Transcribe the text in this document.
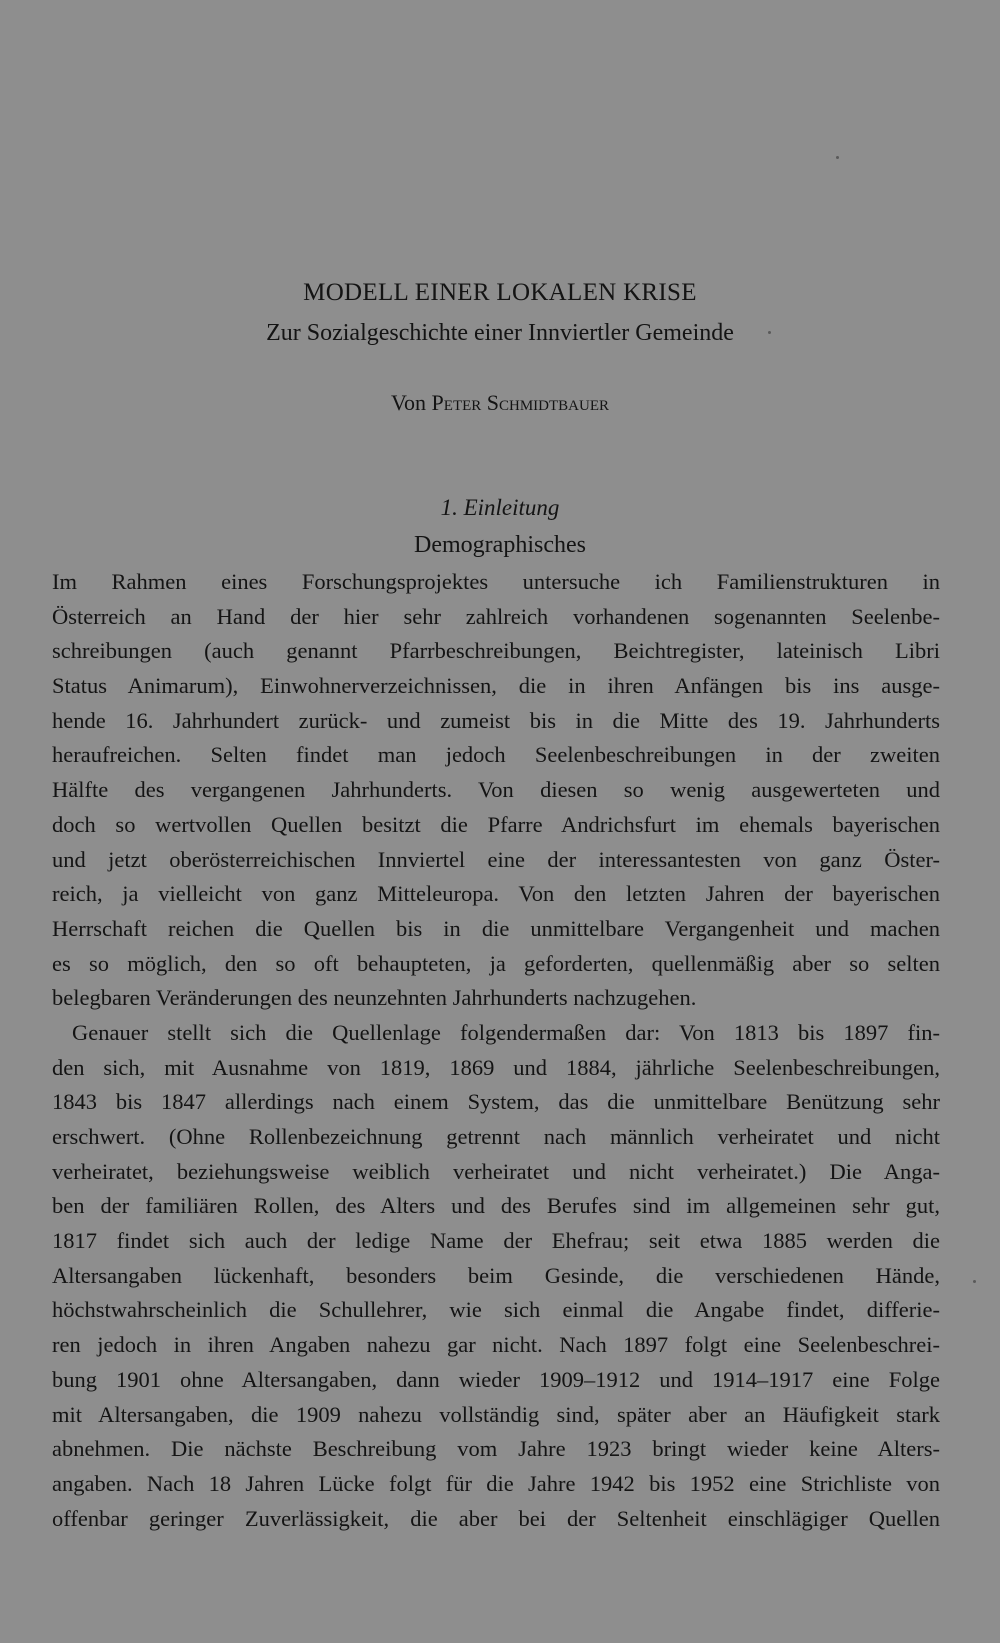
MODELL EINER LOKALEN KRISE
Zur Sozialgeschichte einer Innviertler Gemeinde
Von Peter Schmidtbauer
1. Einleitung
Demographisches
Im Rahmen eines Forschungsprojektes untersuche ich Familienstrukturen in
Österreich an Hand der hier sehr zahlreich vorhandenen sogenannten Seelenbe-
schreibungen (auch genannt Pfarrbeschreibungen, Beichtregister, lateinisch Libri
Status Animarum), Einwohnerverzeichnissen, die in ihren Anfängen bis ins ausge-
hende 16. Jahrhundert zurück- und zumeist bis in die Mitte des 19. Jahrhunderts
heraufreichen. Selten findet man jedoch Seelenbeschreibungen in der zweiten
Hälfte des vergangenen Jahrhunderts. Von diesen so wenig ausgewerteten und
doch so wertvollen Quellen besitzt die Pfarre Andrichsfurt im ehemals bayerischen
und jetzt oberösterreichischen Innviertel eine der interessantesten von ganz Öster-
reich, ja vielleicht von ganz Mitteleuropa. Von den letzten Jahren der bayerischen
Herrschaft reichen die Quellen bis in die unmittelbare Vergangenheit und machen
es so möglich, den so oft behaupteten, ja geforderten, quellenmäßig aber so selten
belegbaren Veränderungen des neunzehnten Jahrhunderts nachzugehen.
Genauer stellt sich die Quellenlage folgendermaßen dar: Von 1813 bis 1897 fin-
den sich, mit Ausnahme von 1819, 1869 und 1884, jährliche Seelenbeschreibungen,
1843 bis 1847 allerdings nach einem System, das die unmittelbare Benützung sehr
erschwert. (Ohne Rollenbezeichnung getrennt nach männlich verheiratet und nicht
verheiratet, beziehungsweise weiblich verheiratet und nicht verheiratet.) Die Anga-
ben der familiären Rollen, des Alters und des Berufes sind im allgemeinen sehr gut,
1817 findet sich auch der ledige Name der Ehefrau; seit etwa 1885 werden die
Altersangaben lückenhaft, besonders beim Gesinde, die verschiedenen Hände,
höchstwahrscheinlich die Schullehrer, wie sich einmal die Angabe findet, differie-
ren jedoch in ihren Angaben nahezu gar nicht. Nach 1897 folgt eine Seelenbeschrei-
bung 1901 ohne Altersangaben, dann wieder 1909–1912 und 1914–1917 eine Folge
mit Altersangaben, die 1909 nahezu vollständig sind, später aber an Häufigkeit stark
abnehmen. Die nächste Beschreibung vom Jahre 1923 bringt wieder keine Alters-
angaben. Nach 18 Jahren Lücke folgt für die Jahre 1942 bis 1952 eine Strichliste von
offenbar geringer Zuverlässigkeit, die aber bei der Seltenheit einschlägiger Quellen
